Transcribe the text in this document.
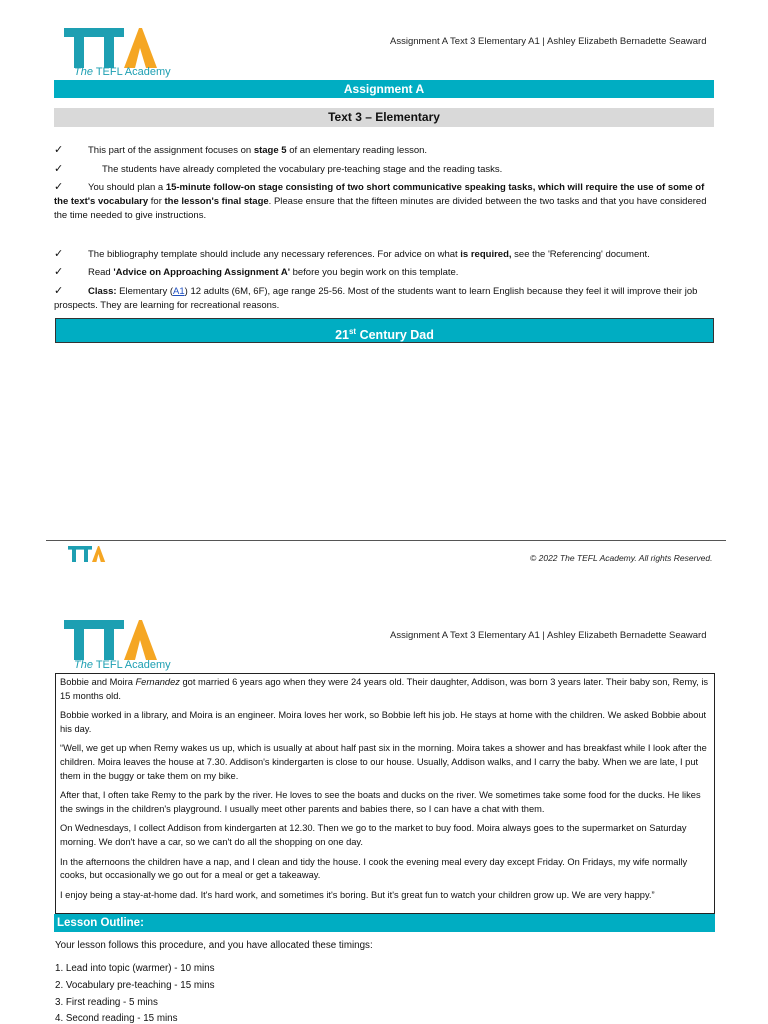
The TEFL Academy
Assignment A Text 3 Elementary A1 | Ashley Elizabeth Bernadette Seaward
Assignment A
Text 3 – Elementary
✓	This part of the assignment focuses on stage 5 of an elementary reading lesson.
✓	The students have already completed the vocabulary pre-teaching stage and the reading tasks.
✓	You should plan a 15-minute follow-on stage consisting of two short communicative speaking tasks, which will require the use of some of the text's vocabulary for the lesson's final stage. Please ensure that the fifteen minutes are divided between the two tasks and that you have considered the time needed to give instructions.
✓	The bibliography template should include any necessary references. For advice on what is required, see the 'Referencing' document.
✓	Read 'Advice on Approaching Assignment A' before you begin work on this template.
✓	Class: Elementary (A1) 12 adults (6M, 6F), age range 25-56. Most of the students want to learn English because they feel it will improve their job prospects. They are learning for recreational reasons.
21st Century Dad
© 2022 The TEFL Academy. All rights Reserved.
The TEFL Academy
Assignment A Text 3 Elementary A1 | Ashley Elizabeth Bernadette Seaward

Bobbie and Moira Fernandez got married 6 years ago when they were 24 years old. Their daughter, Addison, was born 3 years later. Their baby son, Remy, is 15 months old.

Bobbie worked in a library, and Moira is an engineer. Moira loves her work, so Bobbie left his job. He stays at home with the children. We asked Bobbie about his day.

“Well, we get up when Remy wakes us up, which is usually at about half past six in the morning. Moira takes a shower and has breakfast while I look after the children. Moira leaves the house at 7.30. Addison's kindergarten is close to our house. Usually, Addison walks, and I carry the baby. When we are late, I put them in the buggy or take them on my bike.

After that, I often take Remy to the park by the river. He loves to see the boats and ducks on the river. We sometimes take some food for the ducks. He likes the swings in the children's playground. I usually meet other parents and babies there, so I can have a chat with them.

On Wednesdays, I collect Addison from kindergarten at 12.30. Then we go to the market to buy food. Moira always goes to the supermarket on Saturday morning. We don't have a car, so we can't do all the shopping on one day.

In the afternoons the children have a nap, and I clean and tidy the house. I cook the evening meal every day except Friday. On Fridays, my wife normally cooks, but occasionally we go out for a meal or get a takeaway.

I enjoy being a stay-at-home dad. It's hard work, and sometimes it's boring. But it's great fun to watch your children grow up. We are very happy.”

Lesson Outline:
Your lesson follows this procedure, and you have allocated these timings:
1. Lead into topic (warmer) - 10 mins
2. Vocabulary pre-teaching - 15 mins
3. First reading - 5 mins
4. Second reading - 15 mins
